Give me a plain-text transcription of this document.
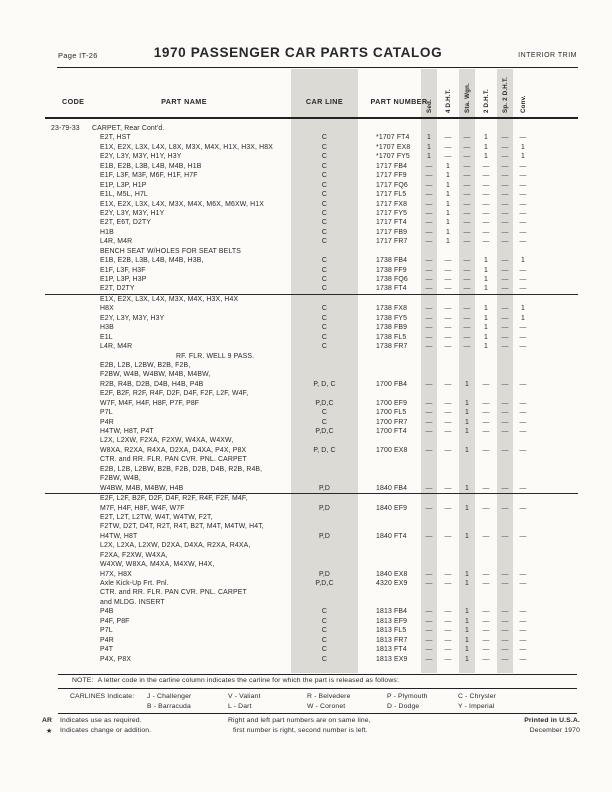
Page IT-26	1970 PASSENGER CAR PARTS CATALOG	INTERIOR TRIM
CODE	PART NAME	CAR LINE	PART NUMBER
Sed. 4 D.H.T. Sta. Wgn. 2 D.H.T. Sp. 2 D.H.T. Conv.
23-79-33 CARPET, Rear Cont'd.
E2T, HST	C	*1707 FT4	1	—	—	1	—	—
E1X, E2X, L3X, L4X, L8X, M3X, M4X, H1X, H3X, H8X	C	*1707 EX8	1	—	—	1	—	1
E2Y, L3Y, M3Y, H1Y, H3Y	C	*1707 FY5	1	—	—	1	—	1
E1B, E2B, L3B, L4B, M4B, H1B	C	1717 FB4	—	1	—	—	—	—
E1F, L3F, M3F, M6F, H1F, H7F	C	1717 FF9	—	1	—	—	—	—
E1P, L3P, H1P	C	1717 FQ6	—	1	—	—	—	—
E1L, M5L, H7L	C	1717 FL5	—	1	—	—	—	—
E1X, E2X, L3X, L4X, M3X, M4X, M6X, M6XW, H1X	C	1717 FX8	—	1	—	—	—	—
E2Y, L3Y, M3Y, H1Y	C	1717 FY5	—	1	—	—	—	—
E2T, E6T, D2TY	C	1717 FT4	—	1	—	—	—	—
H1B	C	1717 FB9	—	1	—	—	—	—
L4R, M4R	C	1717 FR7	—	1	—	—	—	—
BENCH SEAT W/HOLES FOR SEAT BELTS
E1B, E2B, L3B, L4B, M4B, H3B,	C	1738 FB4	—	—	—	1	—	1
E1F, L3F, H3F	C	1738 FF9	—	—	—	1	—	—
E1P, L3P, H3P	C	1738 FQ6	—	—	—	1	—	—
E2T, D2TY	C	1738 FT4	—	—	—	1	—	—
E1X, E2X, L3X, L4X, M3X, M4X, H3X, H4X
H8X	C	1738 FX8	—	—	—	1	—	1
E2Y, L3Y, M3Y, H3Y	C	1738 FY5	—	—	—	1	—	1
H3B	C	1738 FB9	—	—	—	1	—	—
E1L	C	1738 FL5	—	—	—	1	—	—
L4R, M4R	C	1738 FR7	—	—	—	1	—	—
RF. FLR. WELL 9 PASS.
E2B, L2B, L2BW, B2B, F2B,
F2BW, W4B, W4BW, M4B, M4BW,
R2B, R4B, D2B, D4B, H4B, P4B	P, D, C	1700 FB4	—	—	1	—	—	—
E2F, B2F, R2F, R4F, D2F, D4F, F2F, L2F, W4F,
W7F, M4F, H4F, H8F, P7F, P8F	P,D,C	1700 EF9	—	—	1	—	—	—
P7L	C	1700 FL5	—	—	1	—	—	—
P4R	C	1700 FR7	—	—	1	—	—	—
H4TW, H8T, P4T	P,D,C	1700 FT4	—	—	1	—	—	—
L2X, L2XW, F2XA, F2XW, W4XA, W4XW,
W8XA, R2XA, R4XA, D2XA, D4XA, P4X, P8X	P, D, C	1700 EX8	—	—	1	—	—	—
CTR. and RR. FLR. PAN CVR. PNL. CARPET
E2B, L2B, L2BW, B2B, F2B, D2B, D4B, R2B, R4B,
F2BW, W4B,
W4BW, M4B, M4BW, H4B	P,D	1840 FB4	—	—	1	—	—	—
E2F, L2F, B2F, D2F, D4F, R2F, R4F, F2F, M4F,
M7F, H4F, H8F, W4F, W7F	P,D	1840 EF9	—	—	1	—	—	—
E2T, L2T, L2TW, W4T, W4TW, F2T,
F2TW, D2T, D4T, R2T, R4T, B2T, M4T, M4TW, H4T,
H4TW, H8T	P,D	1840 FT4	—	—	1	—	—	—
L2X, L2XA, L2XW, D2XA, D4XA, R2XA, R4XA,
F2XA, F2XW, W4XA,
W4XW, W8XA, M4XA, M4XW, H4X,
H7X, H8X	P,D	1840 EX8	—	—	1	—	—	—
Axle Kick-Up Frt. Pnl.	P,D,C	4320 EX9	—	—	1	—	—	—
CTR. and RR. FLR. PAN CVR. PNL. CARPET
and MLDG. INSERT
P4B	C	1813 FB4	—	—	1	—	—	—
P4F, P8F	C	1813 EF9	—	—	1	—	—	—
P7L	C	1813 FL5	—	—	1	—	—	—
P4R	C	1813 FR7	—	—	1	—	—	—
P4T	C	1813 FT4	—	—	1	—	—	—
P4X, P8X	C	1813 EX9	—	—	1	—	—	—
NOTE: A letter code in the carline column indicates the carline for which the part is released as follows:
CARLINES Indicate: J - Challenger
B - Barracuda
V - Valiant
L - Dart
R - Belvedere
W - Coronet
P - Plymouth
D - Dodge
C - Chrysler
Y - Imperial
AR Indicates use as required.
★ Indicates change or addition.
Right and left part numbers are on same line,
first number is right, second number is left.
Printed in U.S.A.
December 1970
